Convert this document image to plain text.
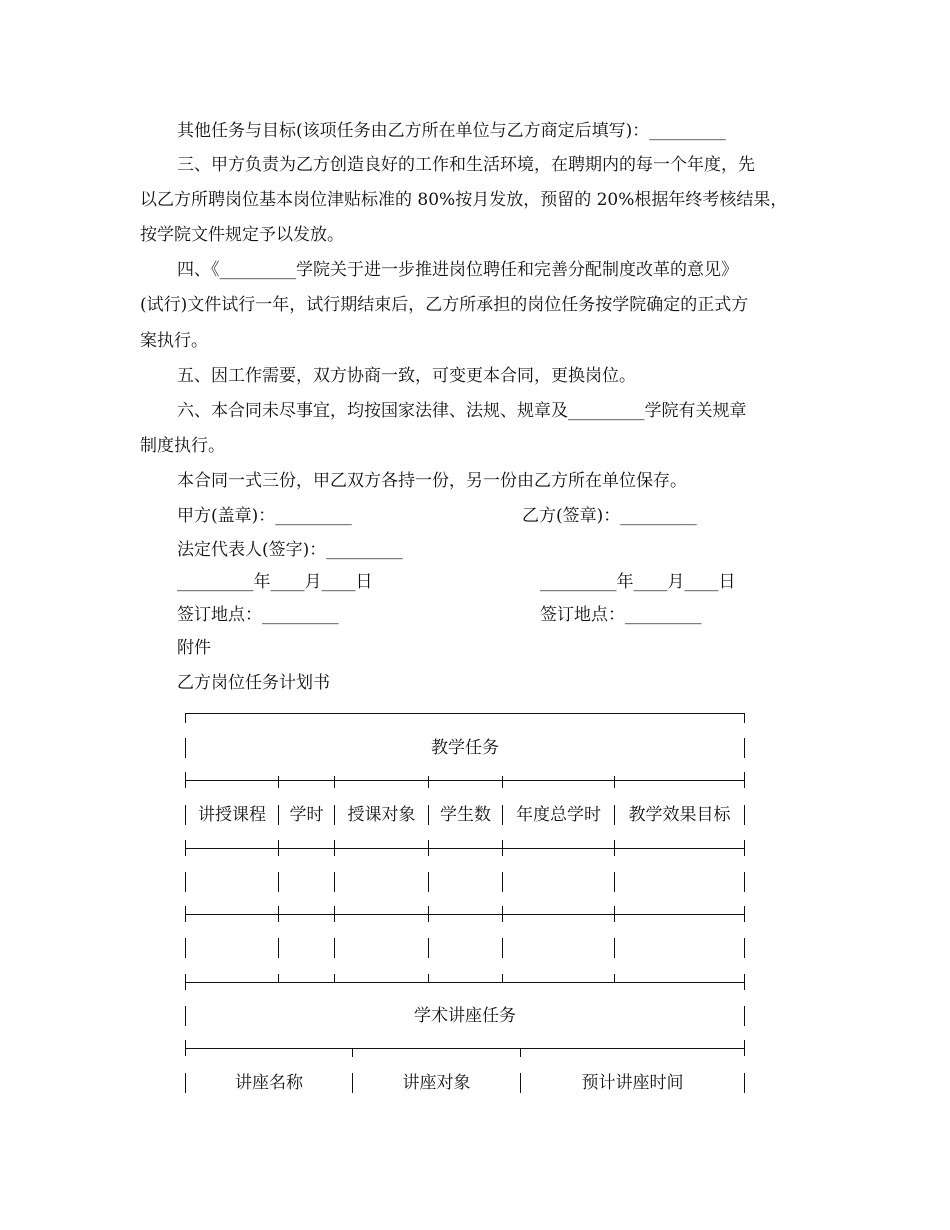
其他任务与目标(该项任务由乙方所在单位与乙方商定后填写)：_________
三、甲方负责为乙方创造良好的工作和生活环境，在聘期内的每一个年度，先
以乙方所聘岗位基本岗位津贴标准的 80%按月发放，预留的 20%根据年终考核结果，
按学院文件规定予以发放。
四、《_________学院关于进一步推进岗位聘任和完善分配制度改革的意见》
(试行)文件试行一年，试行期结束后，乙方所承担的岗位任务按学院确定的正式方
案执行。
五、因工作需要，双方协商一致，可变更本合同，更换岗位。
六、本合同未尽事宜，均按国家法律、法规、规章及_________学院有关规章
制度执行。
本合同一式三份，甲乙双方各持一份，另一份由乙方所在单位保存。
甲方(盖章)：_________	乙方(签章)：_________
法定代表人(签字)：_________
_________年____月____日	_________年____月____日
签订地点：_________	签订地点：_________
附件
乙方岗位任务计划书
教学任务
讲授课程	学时	授课对象	学生数	年度总学时	教学效果目标
学术讲座任务
讲座名称	讲座对象	预计讲座时间
